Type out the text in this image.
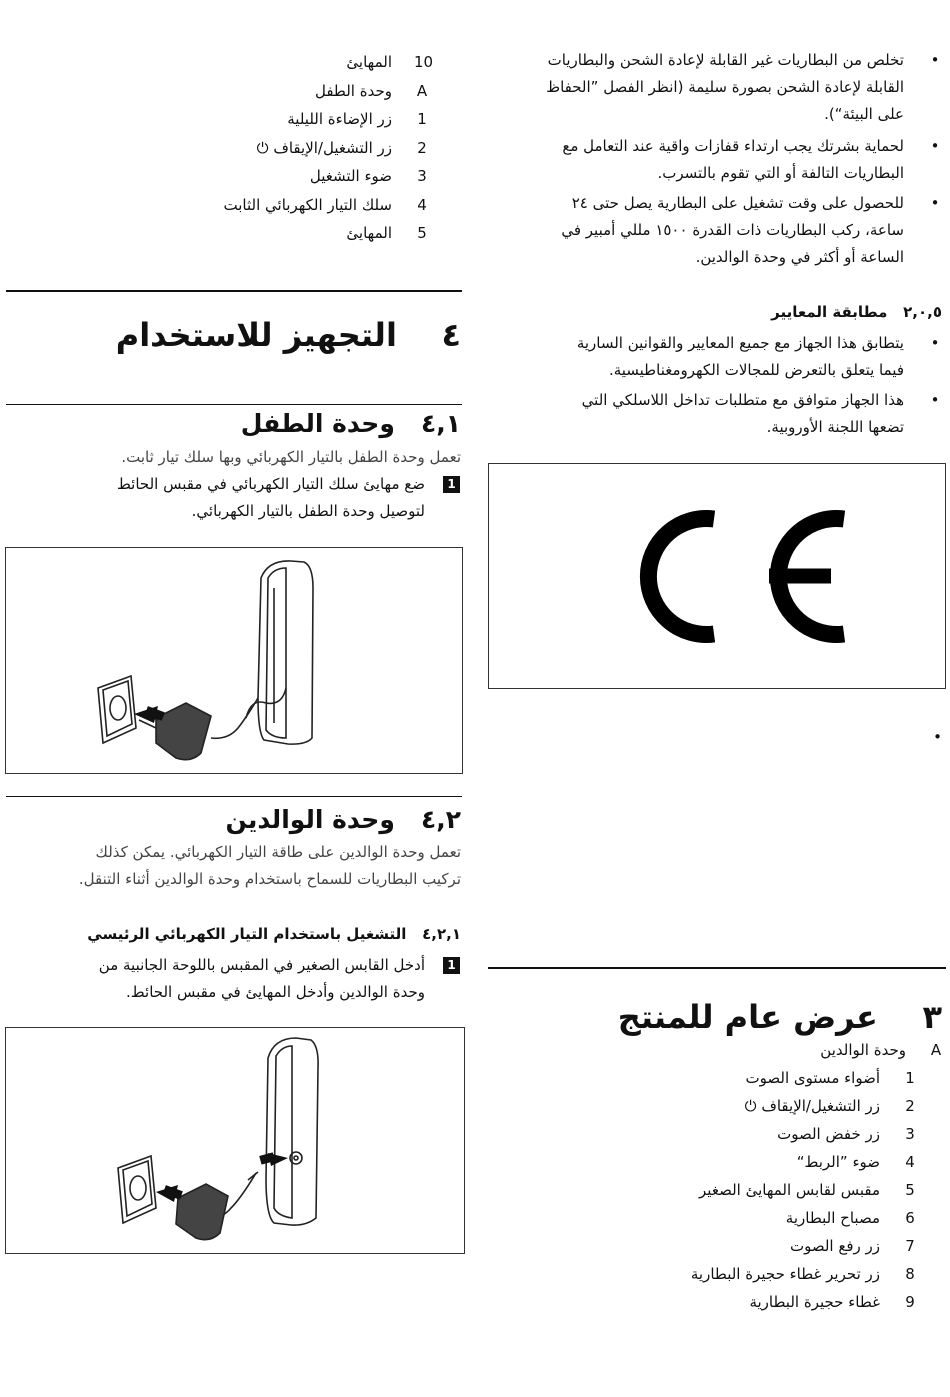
•
تخلص من البطاريات غير القابلة لإعادة الشحن والبطاريات
القابلة لإعادة الشحن بصورة سليمة (انظر الفصل ”الحفاظ
على البيئة“).
•
لحماية بشرتك يجب ارتداء قفازات واقية عند التعامل مع
البطاريات التالفة أو التي تقوم بالتسرب.
•
للحصول على وقت تشغيل على البطارية يصل حتى ٢٤
ساعة، ركب البطاريات ذات القدرة ١٥٠٠ مللي أمبير في
الساعة أو أكثر في وحدة الوالدين.
٢,٠,٥   مطابقة المعايير
•
يتطابق هذا الجهاز مع جميع المعايير والقوانين السارية
فيما يتعلق بالتعرض للمجالات الكهرومغناطيسية.
•
هذا الجهاز متوافق مع متطلبات تداخل اللاسلكي التي
تضعها اللجنة الأوروبية.
•
٣    عرض عام للمنتج
A
وحدة الوالدين
1
أضواء مستوى الصوت
2
زر التشغيل/الإيقاف ⏻
3
زر خفض الصوت
4
ضوء ”الربط“
5
مقبس لقابس المهايئ الصغير
6
مصباح البطارية
7
زر رفع الصوت
8
زر تحرير غطاء حجيرة البطارية
9
غطاء حجيرة البطارية
10
المهايئ
A
وحدة الطفل
1
زر الإضاءة الليلية
2
زر التشغيل/الإيقاف ⏻
3
ضوء التشغيل
4
سلك التيار الكهربائي الثابت
5
المهايئ
٤    التجهيز للاستخدام
٤,١   وحدة الطفل
تعمل وحدة الطفل بالتيار الكهربائي وبها سلك تيار ثابت.
1
ضع مهايئ سلك التيار الكهربائي في مقبس الحائط
لتوصيل وحدة الطفل بالتيار الكهربائي.
٤,٢   وحدة الوالدين
تعمل وحدة الوالدين على طاقة التيار الكهربائي. يمكن كذلك
تركيب البطاريات للسماح باستخدام وحدة الوالدين أثناء التنقل.
٤,٢,١   التشغيل باستخدام التيار الكهربائي الرئيسي
1
أدخل القابس الصغير في المقبس باللوحة الجانبية من
وحدة الوالدين وأدخل المهايئ في مقبس الحائط.
